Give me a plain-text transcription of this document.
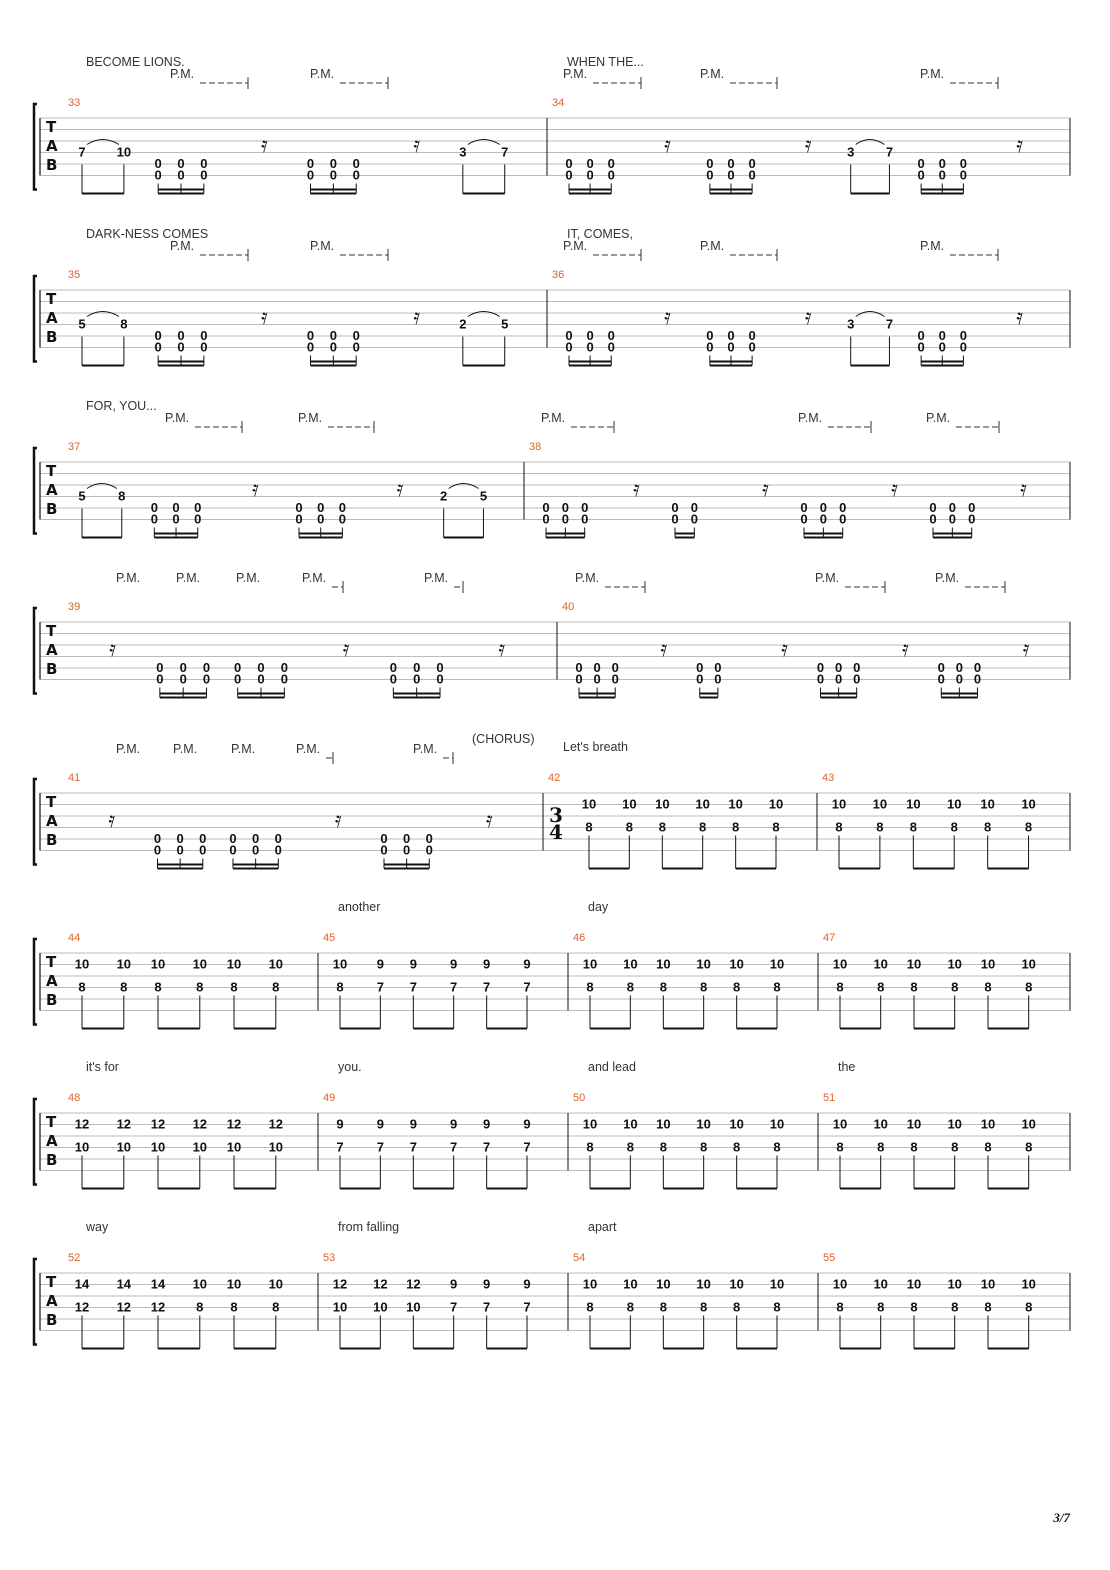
T
A
B
P.M.	P.M.	P.M.	P.M.	P.M.
33
BECOME LIONS.
7 10
0
0
0
0
0
0
𝄿
0
0
0
0
0
0
𝄿	3	7
34
WHEN THE...
0
0
0
0
0
0
𝄿
0
0
0
0
0
0
𝄿	3 7
0
0
0
0
0
0
𝄿
T
A
B
P.M.	P.M.	P.M.	P.M.	P.M.
35
DARK-NESS COMES
5	8
0
0
0
0
0
0
𝄿
0
0
0
0
0
0
𝄿	2	5
36
IT, COMES,
0
0
0
0
0
0
𝄿
0
0
0
0
0
0
𝄿	3 7
0
0
0
0
0
0
𝄿
T
A
B
P.M.	P.M.	P.M.	P.M.	P.M.
37
FOR, YOU...
5	8
0
0
0
0
0
0
𝄿
0
0
0
0
0
0
𝄿	2	5
38
0
0
0
0
0
0
𝄿
0
0
0
0
𝄿
0
0
0
0
0
0
𝄿
0
0
0
0
0
0
𝄿
T
A
B
P.M.	P.M.	P.M.	P.M.	P.M.	P.M.	P.M.	P.M.
39
𝄿
0
0
0
0
0
0
0
0
0
0
0
0
𝄿
0
0
0
0
0
0
𝄿
40
0
0
0
0
0
0
𝄿
0
0
0
0
𝄿
0
0
0
0
0
0
𝄿
0
0
0
0
0
0
𝄿
T
A
B
P.M.	P.M.	P.M.	P.M.	P.M.
(CHORUS)
41
𝄿
0
0
0
0
0
0
0
0
0
0
0
0
𝄿
0
0
0
0
0
0
𝄿
42
Let's breath
3
4
10
8
10
8
10
8
10
8
10
8
10
8
43
10
8
10
8
10
8
10
8
10
8
10
8
T
A
B
44
10
8
10
8
10
8
10
8
10
8
10
8
45
another
10
8
9
7
9
7
9
7
9
7
9
7
46
day
10
8
10
8
10
8
10
8
10
8
10
8
47
10
8
10
8
10
8
10
8
10
8
10
8
T
A
B
48
it's for
12
10
12
10
12
10
12
10
12
10
12
10
49
you.
9
7
9
7
9
7
9
7
9
7
9
7
50
and lead
10
8
10
8
10
8
10
8
10
8
10
8
51
the
10
8
10
8
10
8
10
8
10
8
10
8
T
A
B
52
way
14
12
14
12
14
12
10
8
10
8
10
8
53
from falling
12
10
12
10
12
10
9
7
9
7
9
7
54
apart
10
8
10
8
10
8
10
8
10
8
10
8
55
10
8
10
8
10
8
10
8
10
8
10
8
3/7
